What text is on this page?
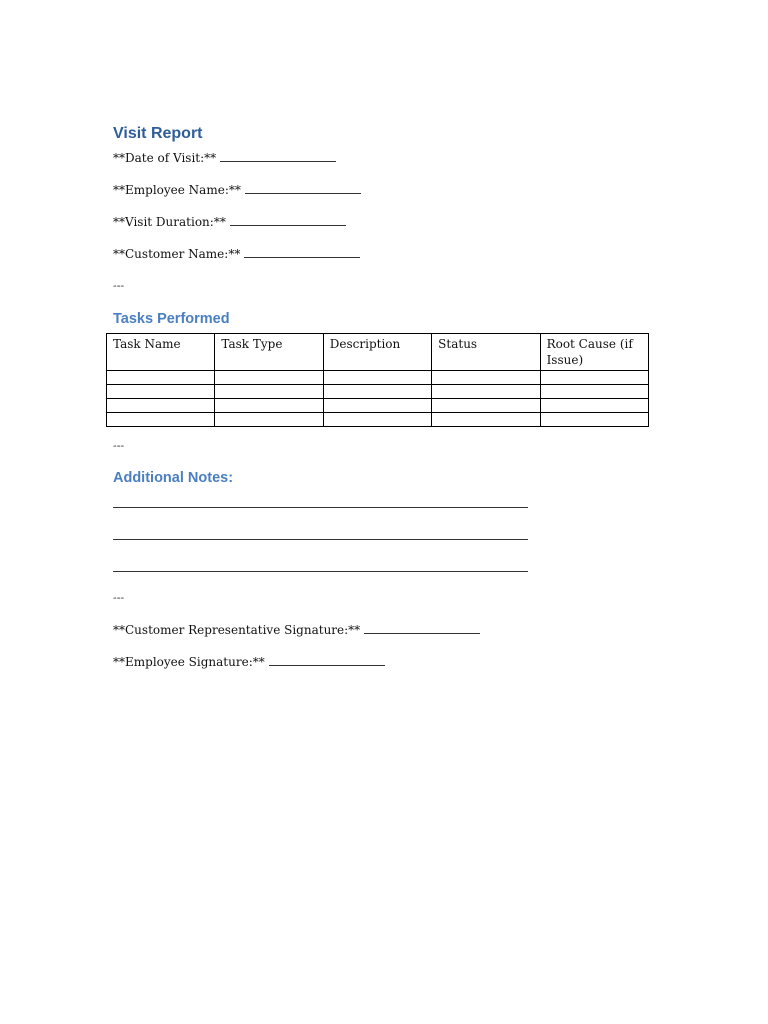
Visit Report
**Date of Visit:**
**Employee Name:**
**Visit Duration:**
**Customer Name:**
---
Tasks Performed
Task Name	Task Type	Description	Status	Root Cause (if Issue)

---
Additional Notes:
---
**Customer Representative Signature:**
**Employee Signature:**
